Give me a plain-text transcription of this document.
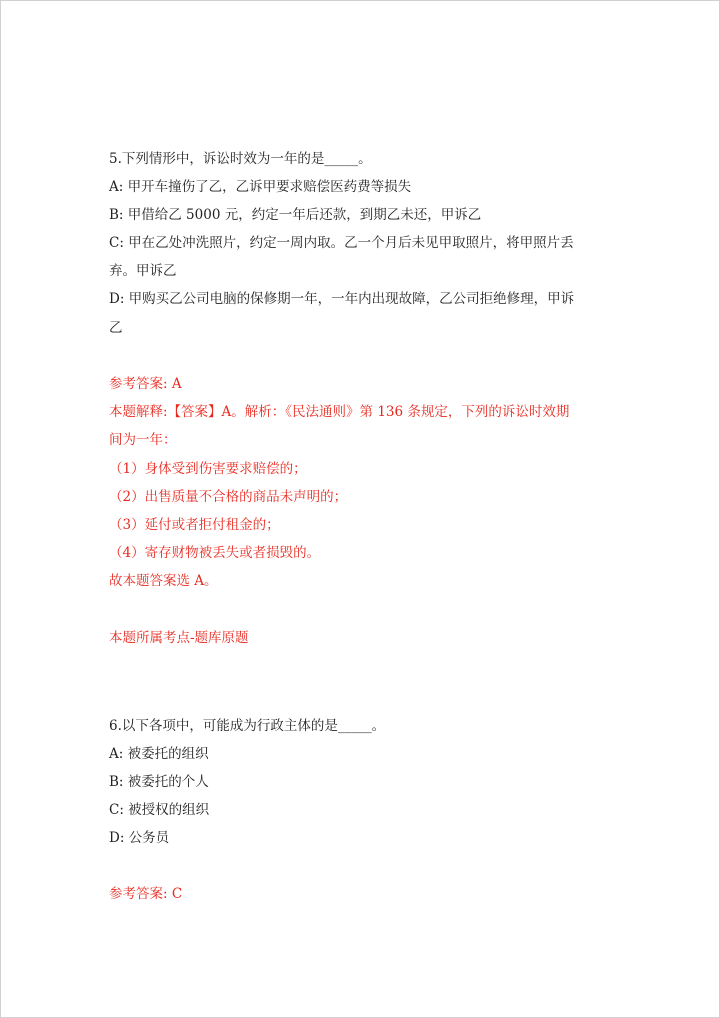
5.下列情形中，诉讼时效为一年的是_____。
A: 甲开车撞伤了乙，乙诉甲要求赔偿医药费等损失
B: 甲借给乙 5000 元，约定一年后还款，到期乙未还，甲诉乙
C: 甲在乙处冲洗照片，约定一周内取。乙一个月后未见甲取照片，将甲照片丢
弃。甲诉乙
D: 甲购买乙公司电脑的保修期一年，一年内出现故障，乙公司拒绝修理，甲诉
乙
参考答案: A
本题解释:【答案】A。解析：《民法通则》第 136 条规定，下列的诉讼时效期
间为一年：
（1）身体受到伤害要求赔偿的；
（2）出售质量不合格的商品未声明的；
（3）延付或者拒付租金的；
（4）寄存财物被丢失或者损毁的。
故本题答案选 A。
本题所属考点-题库原题
6.以下各项中，可能成为行政主体的是_____。
A: 被委托的组织
B: 被委托的个人
C: 被授权的组织
D: 公务员
参考答案: C
